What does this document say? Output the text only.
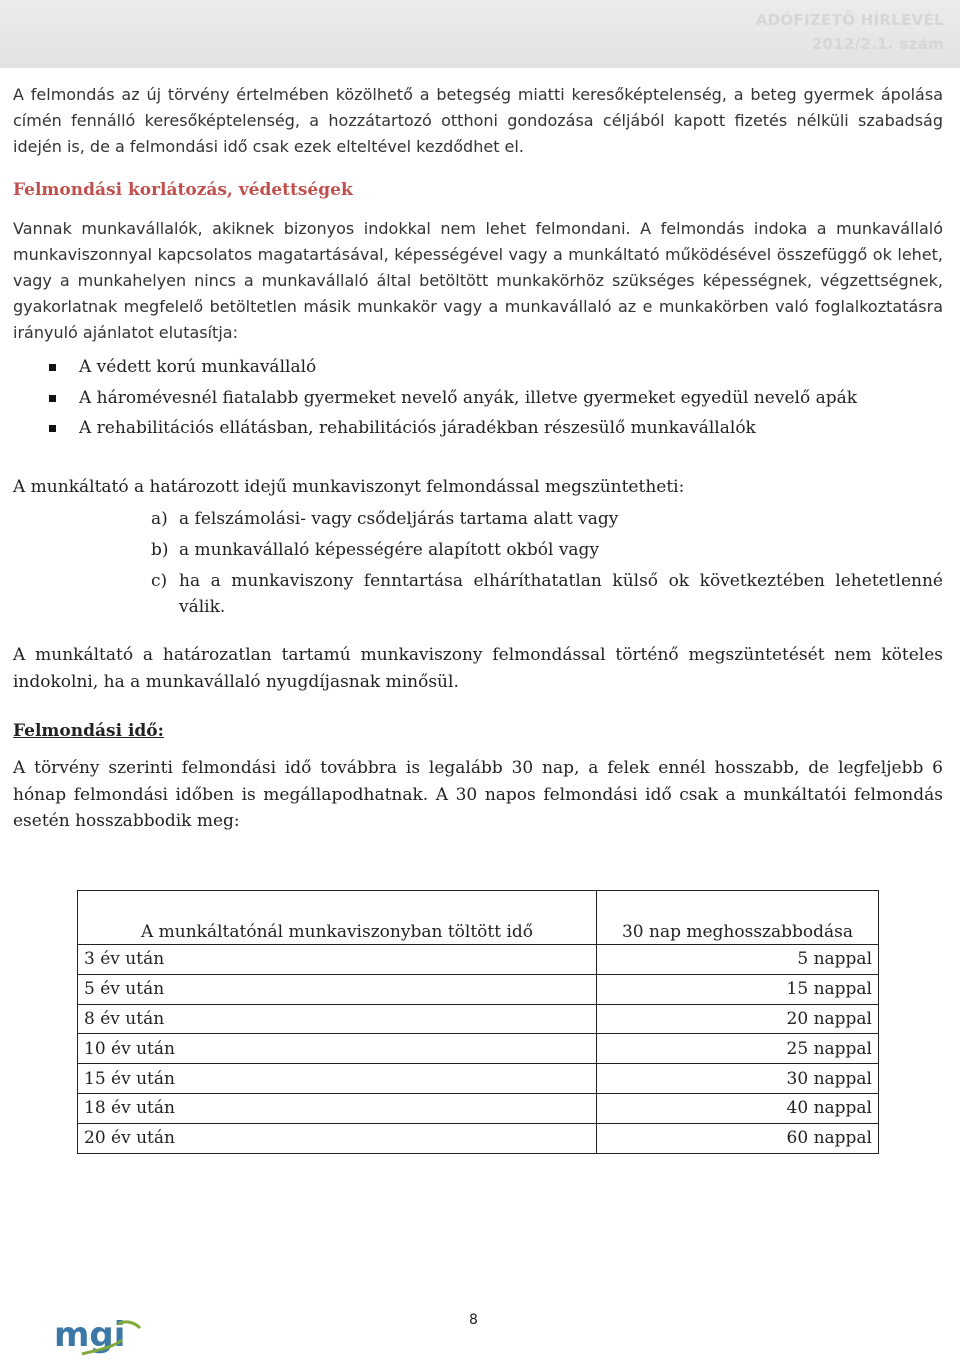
ADÓFIZETŐ HÍRLEVÉL
2012/2.1. szám

A felmondás az új törvény értelmében közölhető a betegség miatti keresőképtelenség, a beteg gyermek ápolása címén fennálló keresőképtelenség, a hozzátartozó otthoni gondozása céljából kapott fizetés nélküli szabadság idején is, de a felmondási idő csak ezek elteltével kezdődhet el.

Felmondási korlátozás, védettségek

Vannak munkavállalók, akiknek bizonyos indokkal nem lehet felmondani. A felmondás indoka a munkavállaló munkaviszonnyal kapcsolatos magatartásával, képességével vagy a munkáltató működésével összefüggő ok lehet, vagy a munkahelyen nincs a munkavállaló által betöltött munkakörhöz szükséges képességnek, végzettségnek, gyakorlatnak megfelelő betöltetlen másik munkakör vagy a munkavállaló az e munkakörben való foglalkoztatásra irányuló ajánlatot elutasítja:

A védett korú munkavállaló
A háromévesnél fiatalabb gyermeket nevelő anyák, illetve gyermeket egyedül nevelő apák
A rehabilitációs ellátásban, rehabilitációs járadékban részesülő munkavállalók

A munkáltató a határozott idejű munkaviszonyt felmondással megszüntetheti:

a) a felszámolási- vagy csődeljárás tartama alatt vagy
b) a munkavállaló képességére alapított okból vagy
c) ha a munkaviszony fenntartása elháríthatatlan külső ok következtében lehetetlenné válik.

A munkáltató a határozatlan tartamú munkaviszony felmondással történő megszüntetését nem köteles indokolni, ha a munkavállaló nyugdíjasnak minősül.

Felmondási idő:

A törvény szerinti felmondási idő továbbra is legalább 30 nap, a felek ennél hosszabb, de legfeljebb 6 hónap felmondási időben is megállapodhatnak. A 30 napos felmondási idő csak a munkáltatói felmondás esetén hosszabbodik meg:

A munkáltatónál munkaviszonyban töltött idő	30 nap meghosszabbodása
3 év után	5 nappal
5 év után	15 nappal
8 év után	20 nappal
10 év után	25 nappal
15 év után	30 nappal
18 év után	40 nappal
20 év után	60 nappal
mgi	8
